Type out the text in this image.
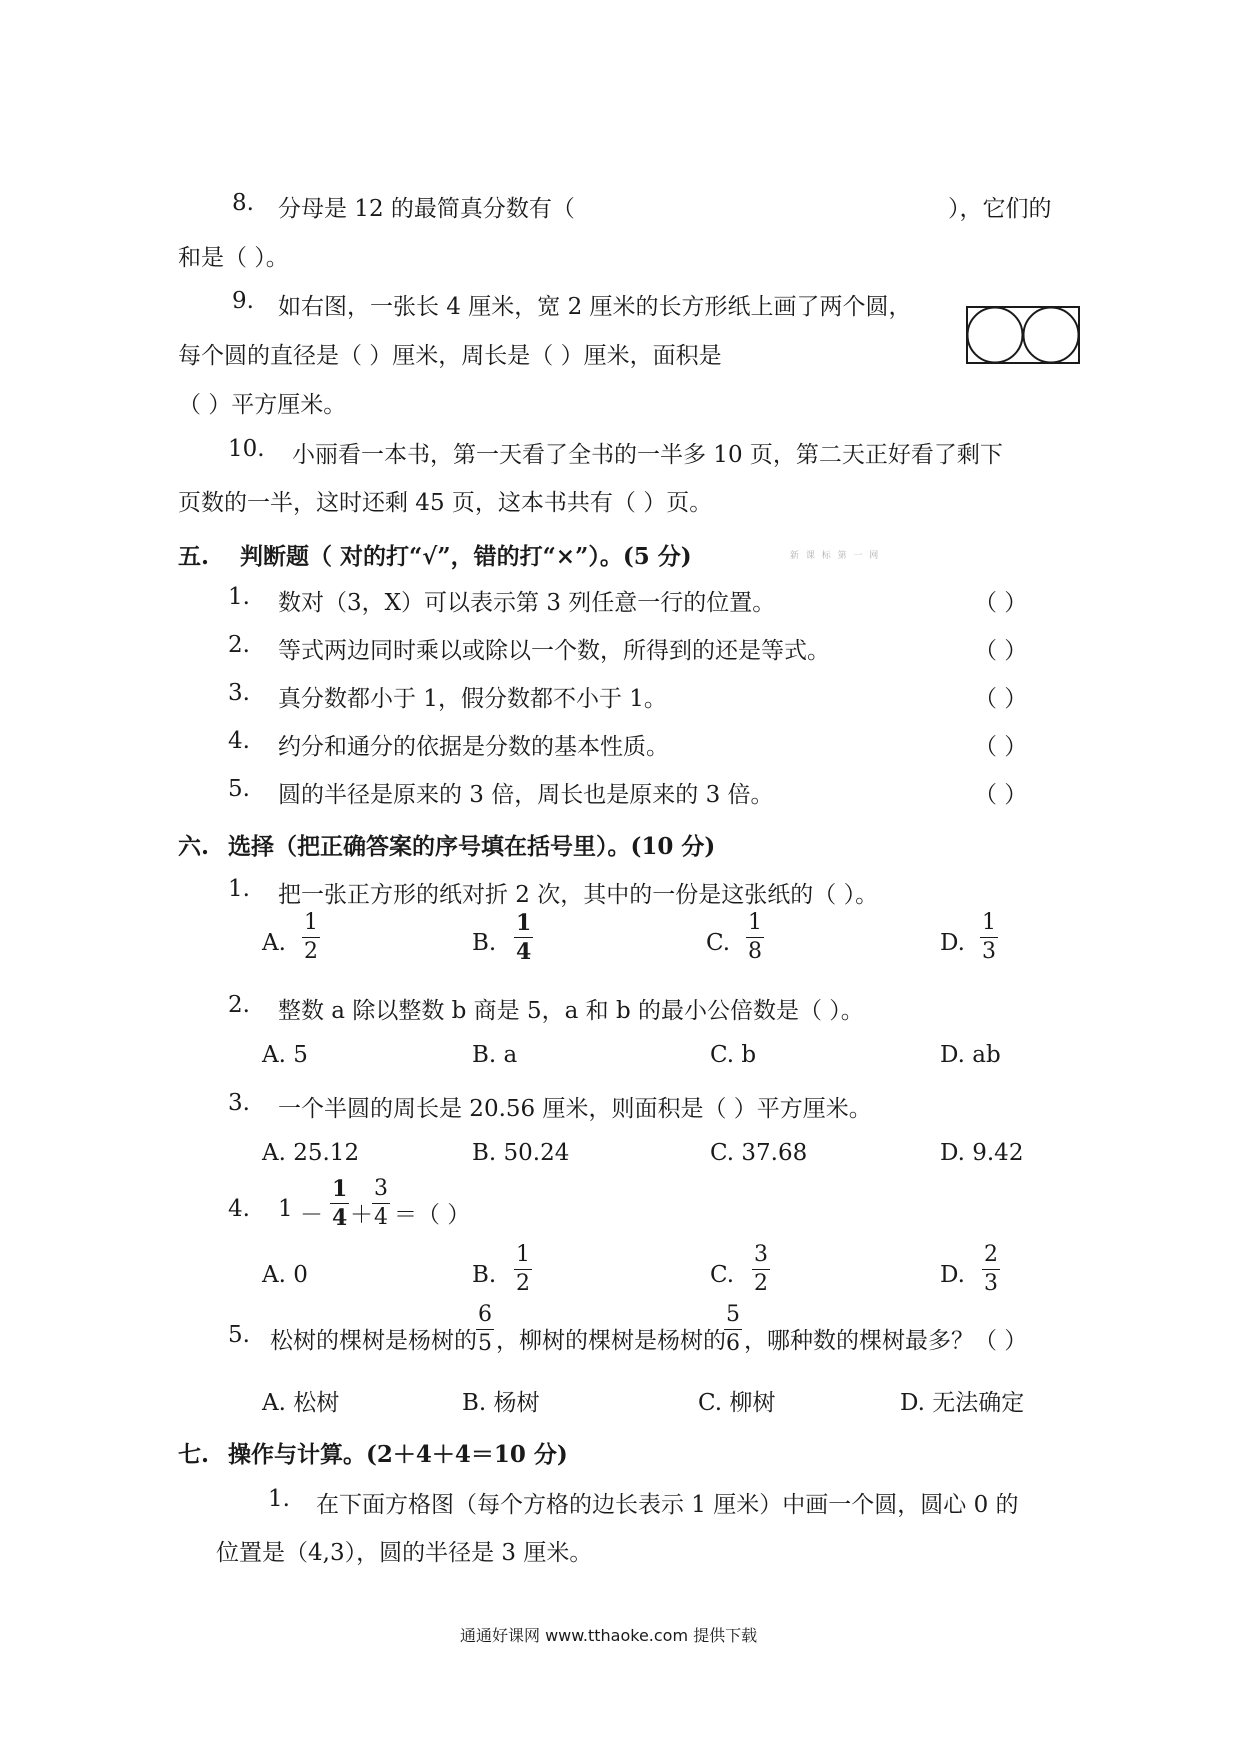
8. 分母是 12 的最简真分数有（	），它们的
和是（ ）。
9. 如右图，一张长 4 厘米，宽 2 厘米的长方形纸上画了两个圆，
每个圆的直径是（ ）厘米，周长是（ ）厘米，面积是
（ ）平方厘米。
10. 小丽看一本书，第一天看了全书的一半多 10 页，第二天正好看了剩下
页数的一半，这时还剩 45 页，这本书共有（ ）页。
五. 判断题（ 对的打“√”，错的打“×”）。(5 分)	新 课 标 第 一 网
1. 数对（3，X）可以表示第 3 列任意一行的位置。	（ ）
2. 等式两边同时乘以或除以一个数，所得到的还是等式。	（ ）
3. 真分数都小于 1，假分数都不小于 1。	（ ）
4. 约分和通分的依据是分数的基本性质。	（ ）
5. 圆的半径是原来的 3 倍，周长也是原来的 3 倍。	（ ）
六. 选择（把正确答案的序号填在括号里）。(10 分)
1. 把一张正方形的纸对折 2 次，其中的一份是这张纸的（ ）。
A.
1
2	B.
1
4	C.
1
8	D.
1
3
2. 整数 a 除以整数 b 商是 5，a 和 b 的最小公倍数是（ ）。
A. 5	B. a	C. b	D. ab
3. 一个半圆的周长是 20.56 厘米，则面积是（ ）平方厘米。
A. 25.12	B. 50.24	C. 37.68	D. 9.42
4. 1 －
1
4 ＋
3
4 ＝（ ）
A. 0	B.
1
2	C.
3
2	D.
2
3
5. 松树的棵树是杨树的
6
5 ，柳树的棵树是杨树的
5
6 ，哪种数的棵树最多？（ ）
A. 松树	B. 杨树	C. 柳树	D. 无法确定
七. 操作与计算。(2＋4＋4＝10 分)
1. 在下面方格图（每个方格的边长表示 1 厘米）中画一个圆，圆心 0 的
位置是（4,3），圆的半径是 3 厘米。
通通好课网 www.tthaoke.com 提供下载
